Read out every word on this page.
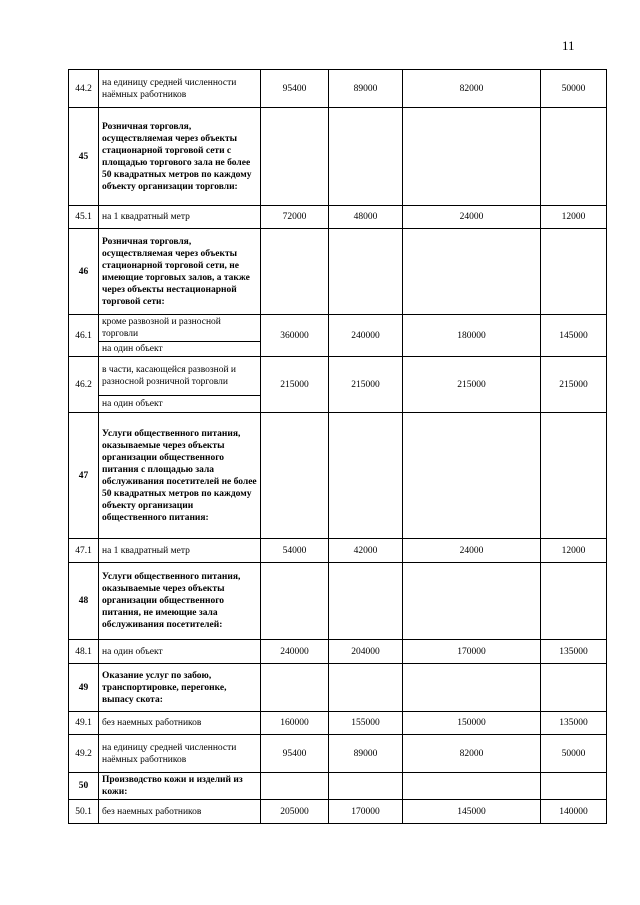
11
44.2	на единицу средней численности наёмных работников	95400	89000	82000	50000
45	Розничная торговля, осуществляемая через объекты стационарной торговой сети с площадью торгового зала не более 50 квадратных метров по каждому объекту организации торговли:				
45.1	на 1 квадратный метр	72000	48000	24000	12000
46	Розничная торговля, осуществляемая через объекты стационарной торговой сети, не имеющие торговых залов, а также через объекты нестационарной торговой сети:				
46.1	кроме развозной и разносной торговли	360000	240000	180000	145000
	на один объект				
46.2	в части, касающейся развозной и разносной розничной торговли	215000	215000	215000	215000
	на один объект				
47	Услуги общественного питания, оказываемые через объекты организации общественного питания с площадью зала обслуживания посетителей не более 50 квадратных метров по каждому объекту организации общественного питания:				
47.1	на 1 квадратный метр	54000	42000	24000	12000
48	Услуги общественного питания, оказываемые через объекты организации общественного питания, не имеющие зала обслуживания посетителей:				
48.1	на один объект	240000	204000	170000	135000
49	Оказание услуг по забою, транспортировке, перегонке, выпасу скота:				
49.1	без наемных работников	160000	155000	150000	135000
49.2	на единицу средней численности наёмных работников	95400	89000	82000	50000
50	Производство кожи и изделий из кожи:				
50.1	без наемных работников	205000	170000	145000	140000
